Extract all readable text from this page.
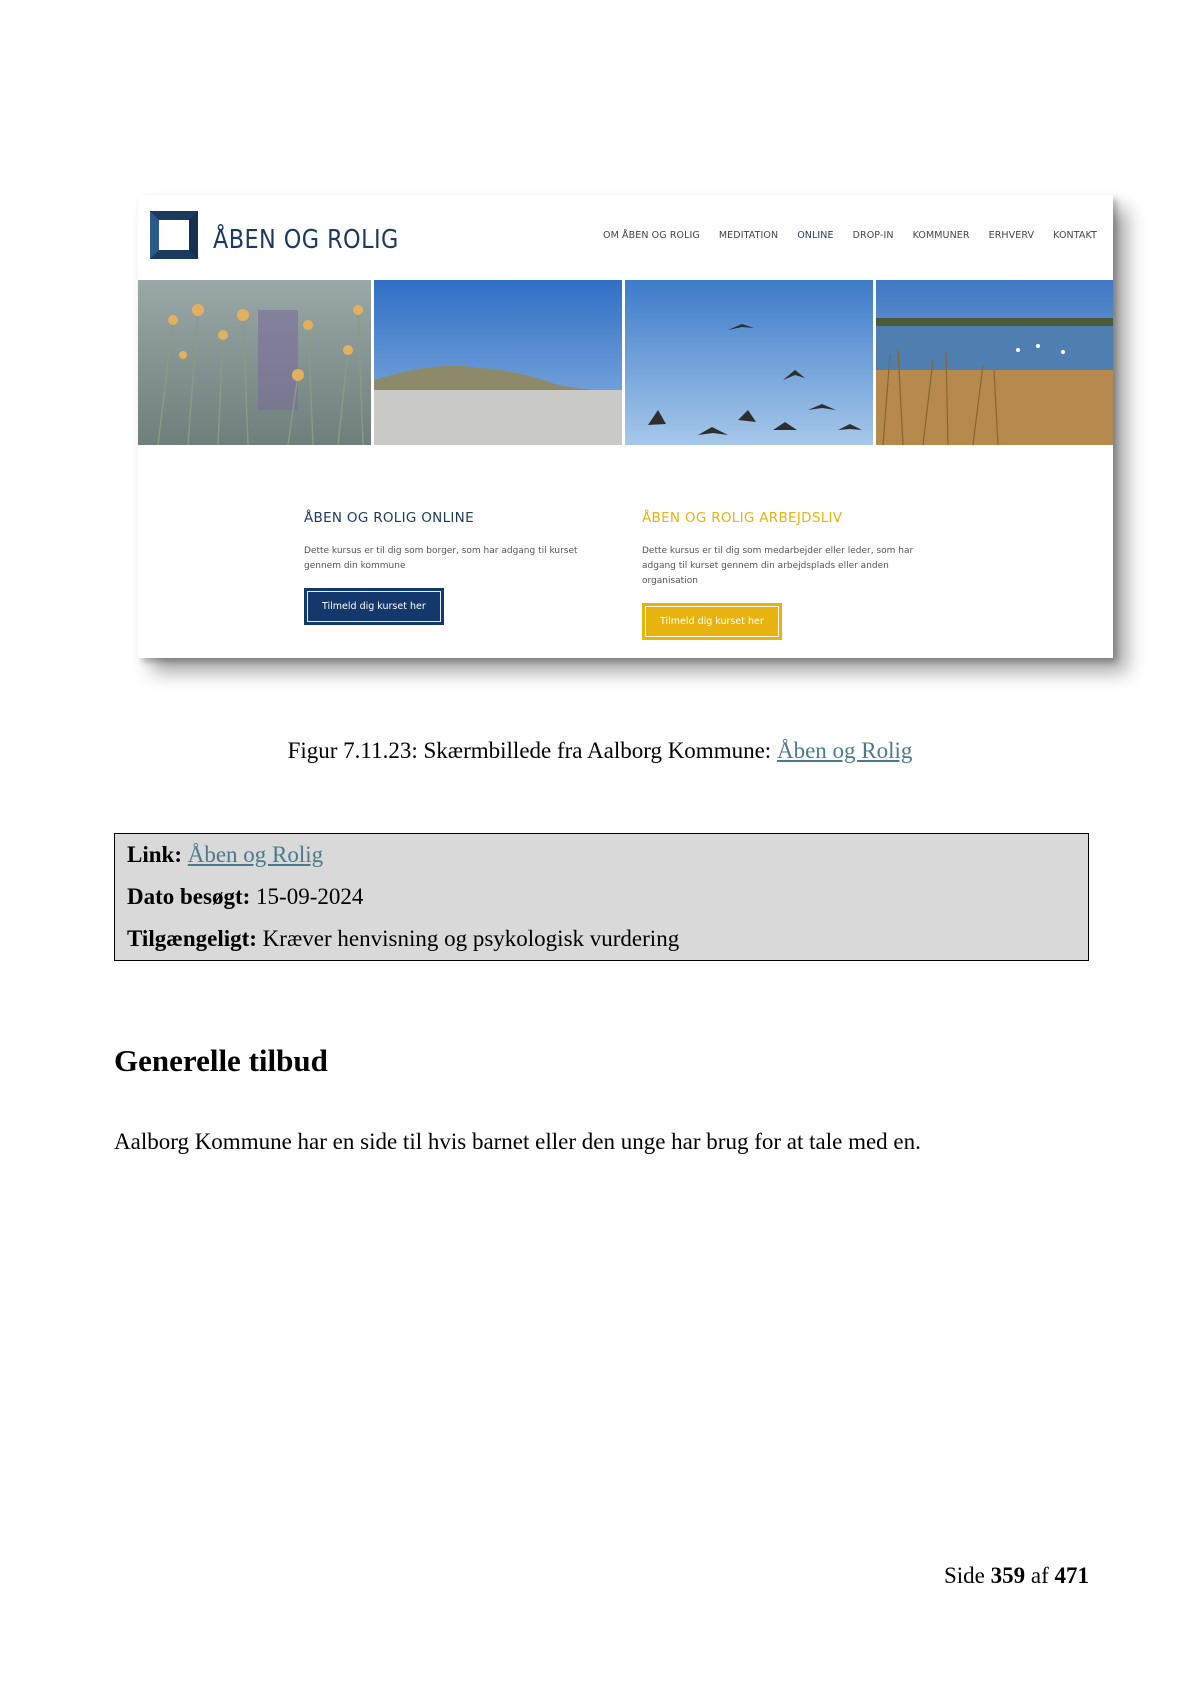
ÅBEN OG ROLIG	OM ÅBEN OG ROLIG MEDITATION ONLINE DROP-IN KOMMUNER ERHVERV KONTAKT
ÅBEN OG ROLIG ONLINE
Dette kursus er til dig som borger, som har adgang til kurset
gennem din kommune
Tilmeld dig kurset her
ÅBEN OG ROLIG ARBEJDSLIV
Dette kursus er til dig som medarbejder eller leder, som har
adgang til kurset gennem din arbejdsplads eller anden
organisation
Tilmeld dig kurset her
Figur 7.11.23: Skærmbillede fra Aalborg Kommune: Åben og Rolig
Link: Åben og Rolig
Dato besøgt: 15-09-2024
Tilgængeligt: Kræver henvisning og psykologisk vurdering
Generelle tilbud
Aalborg Kommune har en side til hvis barnet eller den unge har brug for at tale med en.
Side 359 af 471
